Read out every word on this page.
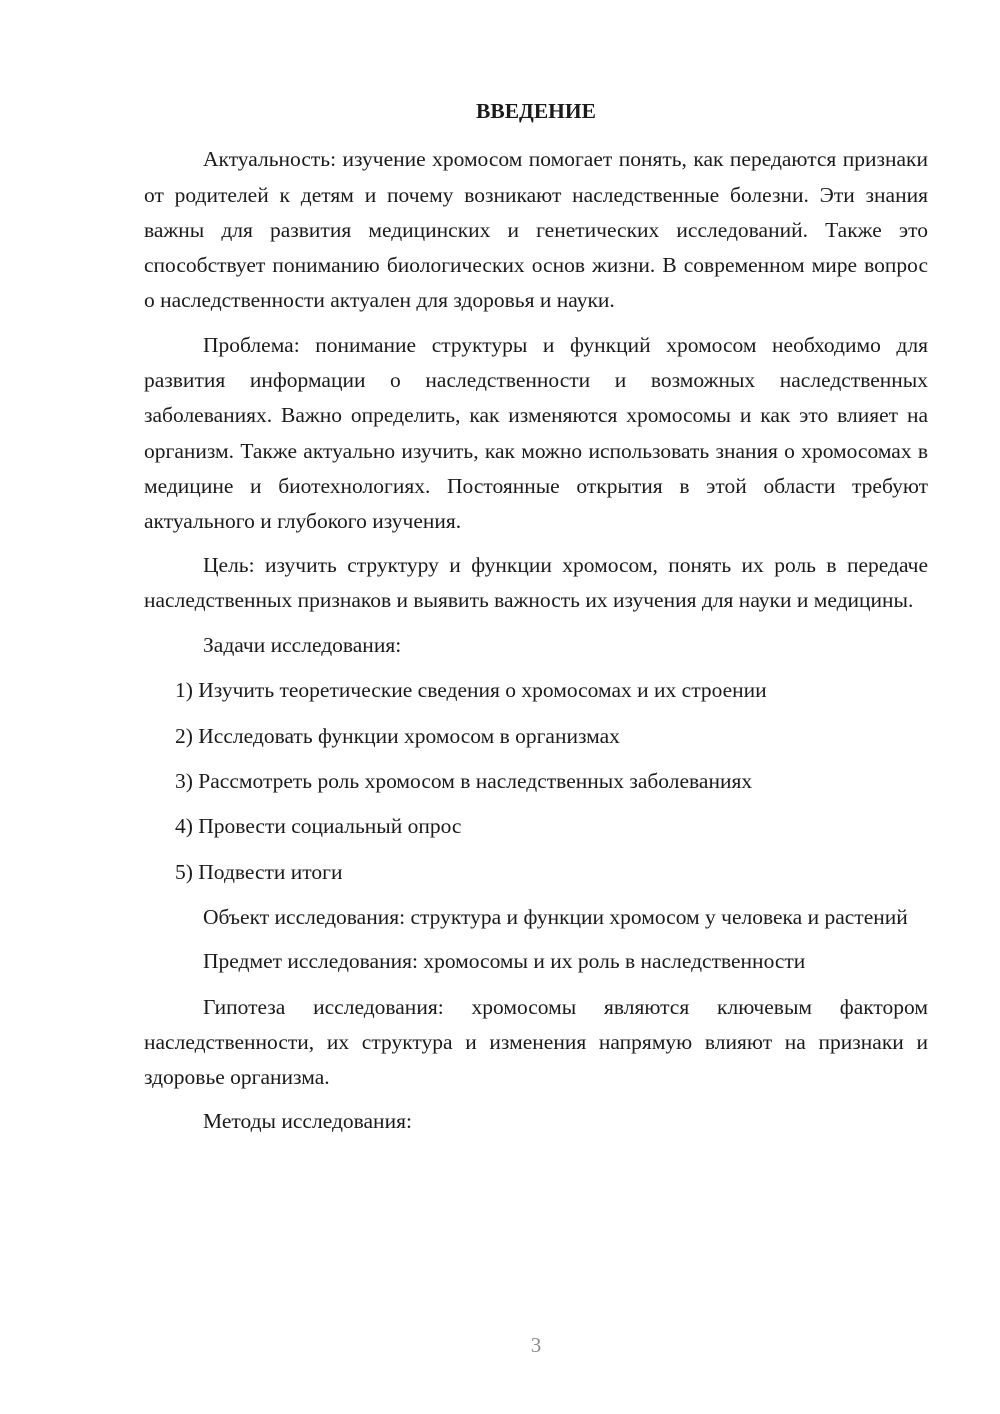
ВВЕДЕНИЕ

Актуальность: изучение хромосом помогает понять, как передаются признаки от родителей к детям и почему возникают наследственные болезни. Эти знания важны для развития медицинских и генетических исследований. Также это способствует пониманию биологических основ жизни. В современном мире вопрос о наследственности актуален для здоровья и науки.

Проблема: понимание структуры и функций хромосом необходимо для развития информации о наследственности и возможных наследственных заболеваниях. Важно определить, как изменяются хромосомы и как это влияет на организм. Также актуально изучить, как можно использовать знания о хромосомах в медицине и биотехнологиях. Постоянные открытия в этой области требуют актуального и глубокого изучения.

Цель: изучить структуру и функции хромосом, понять их роль в передаче наследственных признаков и выявить важность их изучения для науки и медицины.

Задачи исследования:

1) Изучить теоретические сведения о хромосомах и их строении
2) Исследовать функции хромосом в организмах
3) Рассмотреть роль хромосом в наследственных заболеваниях
4) Провести социальный опрос
5) Подвести итоги

Объект исследования: структура и функции хромосом у человека и растений

Предмет исследования: хромосомы и их роль в наследственности

Гипотеза исследования: хромосомы являются ключевым фактором наследственности, их структура и изменения напрямую влияют на признаки и здоровье организма.

Методы исследования:

3
